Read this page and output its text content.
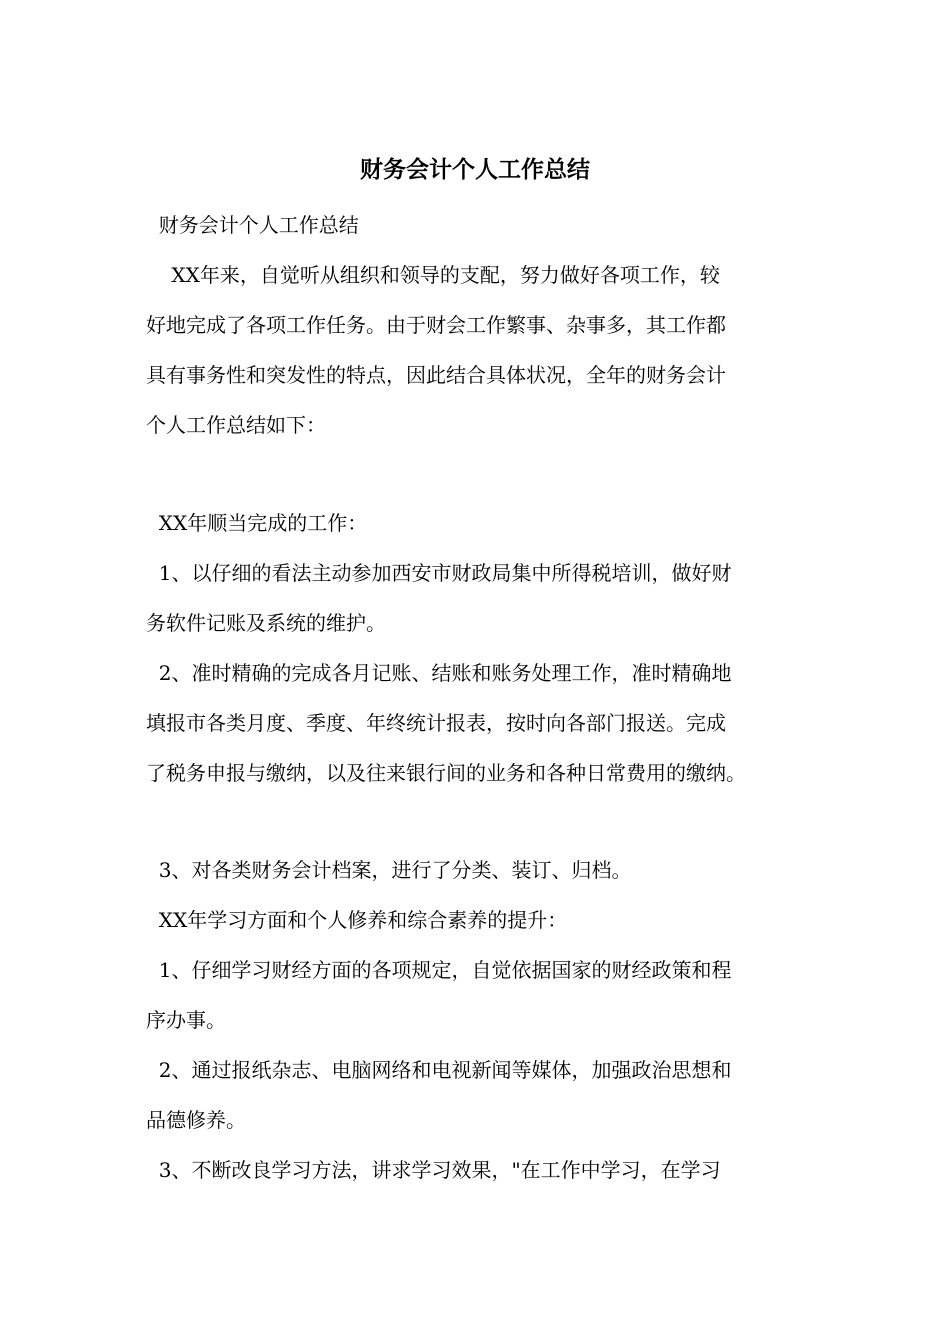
财务会计个人工作总结
财务会计个人工作总结
XX年来，自觉听从组织和领导的支配，努力做好各项工作，较
好地完成了各项工作任务。由于财会工作繁事、杂事多，其工作都
具有事务性和突发性的特点，因此结合具体状况，全年的财务会计
个人工作总结如下：
XX年顺当完成的工作：
1、以仔细的看法主动参加西安市财政局集中所得税培训，做好财
务软件记账及系统的维护。
2、准时精确的完成各月记账、结账和账务处理工作，准时精确地
填报市各类月度、季度、年终统计报表，按时向各部门报送。完成
了税务申报与缴纳，以及往来银行间的业务和各种日常费用的缴纳。
3、对各类财务会计档案，进行了分类、装订、归档。
XX年学习方面和个人修养和综合素养的提升：
1、仔细学习财经方面的各项规定，自觉依据国家的财经政策和程
序办事。
2、通过报纸杂志、电脑网络和电视新闻等媒体，加强政治思想和
品德修养。
3、不断改良学习方法，讲求学习效果，"在工作中学习，在学习
